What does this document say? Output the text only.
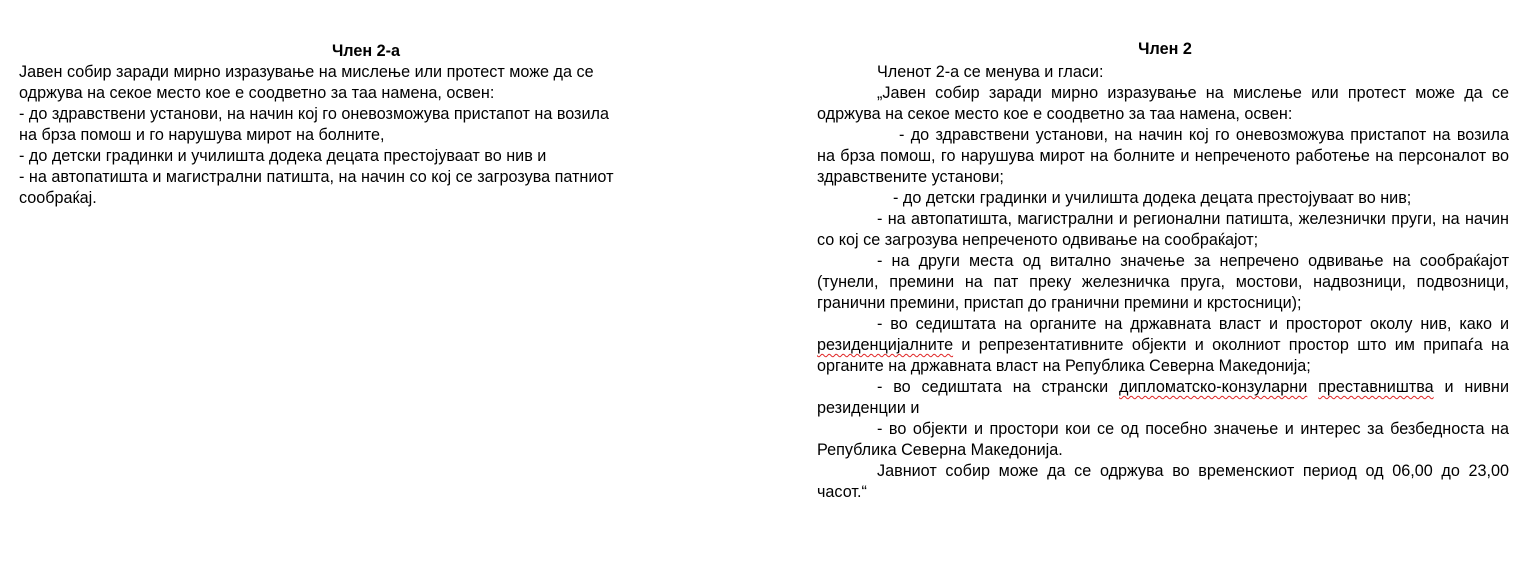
Член 2-а

Јавен собир заради мирно изразување на мислење или протест може да се

одржува на секое место кое е соодветно за таа намена, освен:

- до здравствени установи, на начин кој го оневозможува пристапот на возила

на брза помош и го нарушува мирот на болните,

- до детски градинки и училишта додека децата престојуваат во нив и

- на автопатишта и магистрални патишта, на начин со кој се загрозува патниот

сообраќај.

Член 2

Членот 2-а се менува и гласи:

„Јавен собир заради мирно изразување на мислење или протест може да се одржува на секое место кое е соодветно за таа намена, освен:

- до здравствени установи, на начин кој го оневозможува пристапот на возила на брза помош, го нарушува мирот на болните и непреченото работење на персоналот во здравствените установи;

- до детски градинки и училишта додека децата престојуваат во нив;

- на автопатишта, магистрални и регионални патишта, железнички пруги, на начин со кој се загрозува непреченото одвивање на сообраќајот;

- на други места од витално значење за непречено одвивање на сообраќајот (тунели, премини на пат преку железничка пруга, мостови, надвозници, подвозници, гранични премини, пристап до гранични премини и крстосници);

- во седиштата на органите на државната власт и просторот околу нив, како и резиденцијалните и репрезентативните објекти и околниот простор што им припаѓа на органите на државната власт на Република Северна Македонија;

- во седиштата на странски дипломатско-конзуларни преставништва и нивни резиденции и

- во објекти и простори кои се од посебно значење и интерес за безбедноста на Република Северна Македонија.

Јавниот собир може да се одржува во временскиот период од 06,00 до 23,00 часот.“
